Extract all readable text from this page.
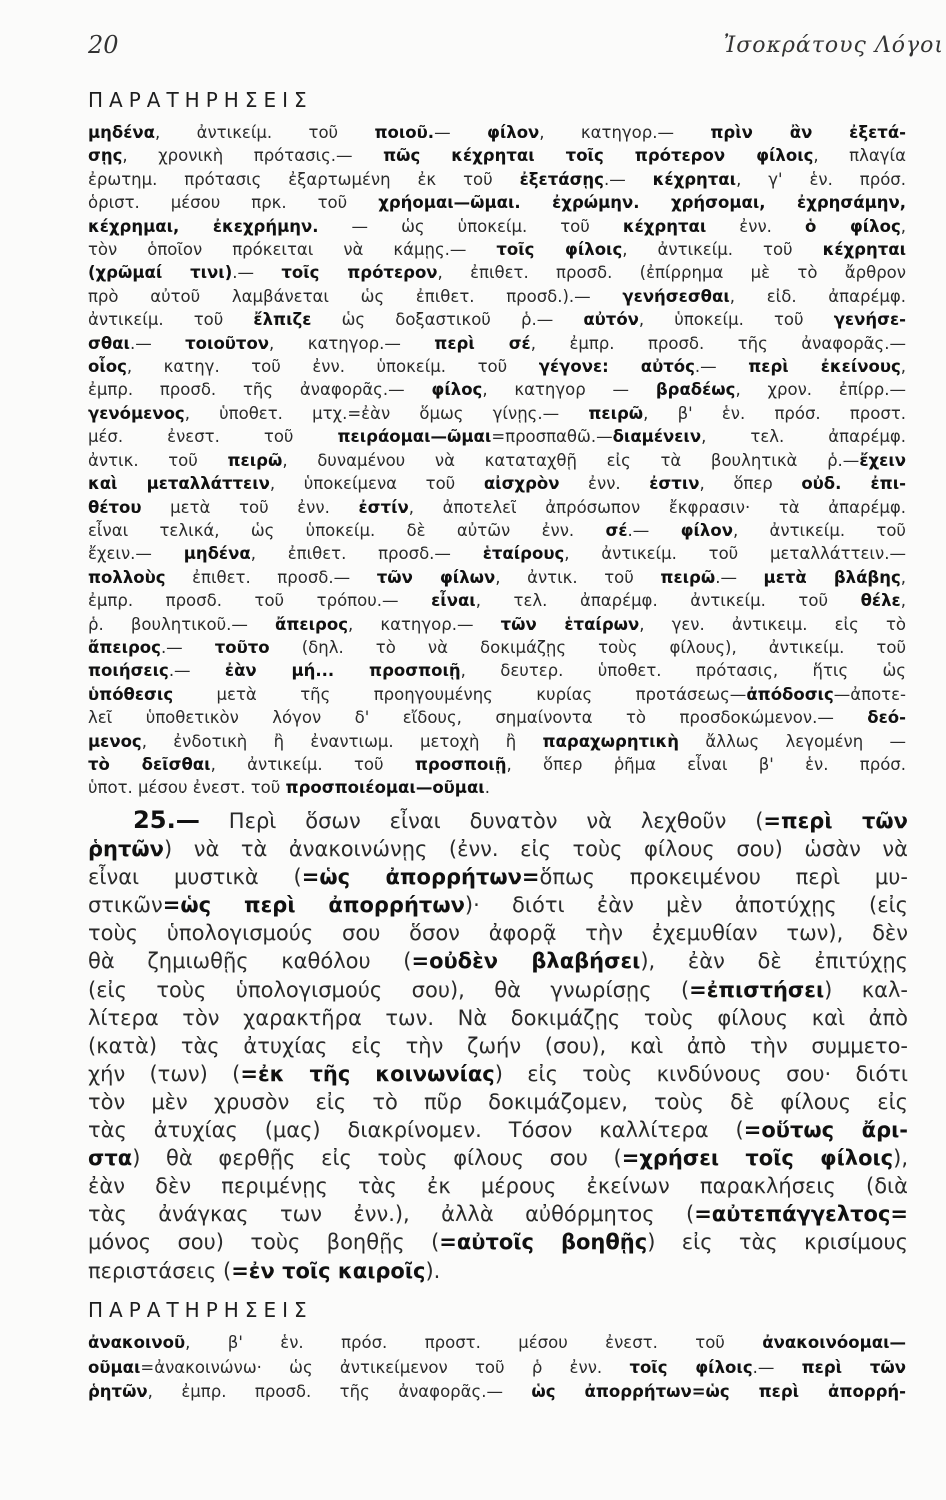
20	Ἰσοκράτους Λόγοι
ΠΑΡΑΤΗΡΗΣΕΙΣ
μηδένα, ἀντικείμ. τοῦ ποιοῦ.— φίλον, κατηγορ.— πρὶν ἂν ἐξετά-
σῃς, χρονικὴ πρότασις.— πῶς κέχρηται τοῖς πρότερον φίλοις, πλαγία
ἐρωτημ. πρότασις ἐξαρτωμένη ἐκ τοῦ ἐξετάσῃς.— κέχρηται, γ' ἑν. πρόσ.
ὁριστ. μέσου πρκ. τοῦ χρήομαι—ῶμαι. ἐχρώμην. χρήσομαι, ἐχρησάμην,
κέχρημαι, ἐκεχρήμην. — ὡς ὑποκείμ. τοῦ κέχρηται ἐνν. ὁ φίλος,
τὸν ὁποῖον πρόκειται νὰ κάμῃς.— τοῖς φίλοις, ἀντικείμ. τοῦ κέχρηται
(χρῶμαί τινι).— τοῖς πρότερον, ἐπιθετ. προσδ. (ἐπίρρημα μὲ τὸ ἄρθρον
πρὸ αὐτοῦ λαμβάνεται ὡς ἐπιθετ. προσδ.).— γενήσεσθαι, εἰδ. ἀπαρέμφ.
ἀντικείμ. τοῦ ἔλπιζε ὡς δοξαστικοῦ ῥ.— αὐτόν, ὑποκείμ. τοῦ γενήσε-
σθαι.— τοιοῦτον, κατηγορ.— περὶ σέ, ἐμπρ. προσδ. τῆς ἀναφορᾶς.—
οἷος, κατηγ. τοῦ ἐνν. ὑποκείμ. τοῦ γέγονε: αὐτός.— περὶ ἐκείνους,
ἐμπρ. προσδ. τῆς ἀναφορᾶς.— φίλος, κατηγορ — βραδέως, χρον. ἐπίρρ.—
γενόμενος, ὑποθετ. μτχ.=ἐὰν ὅμως γίνῃς.— πειρῶ, β' ἑν. πρόσ. προστ.
μέσ. ἐνεστ. τοῦ πειράομαι—ῶμαι=προσπαθῶ.—διαμένειν, τελ. ἀπαρέμφ.
ἀντικ. τοῦ πειρῶ, δυναμένου νὰ καταταχθῇ εἰς τὰ βουλητικὰ ῥ.—ἔχειν
καὶ μεταλλάττειν, ὑποκείμενα τοῦ αἰσχρὸν ἐνν. ἐστιν, ὅπερ οὐδ. ἐπι-
θέτου μετὰ τοῦ ἐνν. ἐστίν, ἀποτελεῖ ἀπρόσωπον ἔκφρασιν· τὰ ἀπαρέμφ.
εἶναι τελικά, ὡς ὑποκείμ. δὲ αὐτῶν ἐνν. σέ.— φίλον, ἀντικείμ. τοῦ
ἔχειν.— μηδένα, ἐπιθετ. προσδ.— ἑταίρους, ἀντικείμ. τοῦ μεταλλάττειν.—
πολλοὺς ἐπιθετ. προσδ.— τῶν φίλων, ἀντικ. τοῦ πειρῶ.— μετὰ βλάβης,
ἐμπρ. προσδ. τοῦ τρόπου.— εἶναι, τελ. ἀπαρέμφ. ἀντικείμ. τοῦ θέλε,
ῥ. βουλητικοῦ.— ἄπειρος, κατηγορ.— τῶν ἑταίρων, γεν. ἀντικειμ. εἰς τὸ
ἄπειρος.— τοῦτο (δηλ. τὸ νὰ δοκιμάζῃς τοὺς φίλους), ἀντικείμ. τοῦ
ποιήσεις.— ἐὰν μή... προσποιῇ, δευτερ. ὑποθετ. πρότασις, ἥτις ὡς
ὑπόθεσις μετὰ τῆς προηγουμένης κυρίας προτάσεως—ἀπόδοσις—ἀποτε-
λεῖ ὑποθετικὸν λόγον δ' εἴδους, σημαίνοντα τὸ προσδοκώμενον.— δεό-
μενος, ἐνδοτικὴ ἢ ἐναντιωμ. μετοχὴ ἢ παραχωρητικὴ ἄλλως λεγομένη —
τὸ δεῖσθαι, ἀντικείμ. τοῦ προσποιῇ, ὅπερ ῥῆμα εἶναι β' ἑν. πρόσ.
ὑποτ. μέσου ἐνεστ. τοῦ προσποιέομαι—οῦμαι.
25.— Περὶ ὅσων εἶναι δυνατὸν νὰ λεχθοῦν (=περὶ τῶν
ῥητῶν) νὰ τὰ ἀνακοινώνῃς (ἐνν. εἰς τοὺς φίλους σου) ὡσὰν νὰ
εἶναι μυστικὰ (=ὡς ἀπορρήτων=ὅπως προκειμένου περὶ μυ-
στικῶν=ὡς περὶ ἀπορρήτων)· διότι ἐὰν μὲν ἀποτύχῃς (εἰς
τοὺς ὑπολογισμούς σου ὅσον ἀφορᾷ τὴν ἐχεμυθίαν των), δὲν
θὰ ζημιωθῇς καθόλου (=οὐδὲν βλαβήσει), ἐὰν δὲ ἐπιτύχῃς
(εἰς τοὺς ὑπολογισμούς σου), θὰ γνωρίσῃς (=ἐπιστήσει) καλ-
λίτερα τὸν χαρακτῆρα των. Νὰ δοκιμάζῃς τοὺς φίλους καὶ ἀπὸ
(κατὰ) τὰς ἀτυχίας εἰς τὴν ζωήν (σου), καὶ ἀπὸ τὴν συμμετο-
χήν (των) (=ἐκ τῆς κοινωνίας) εἰς τοὺς κινδύνους σου· διότι
τὸν μὲν χρυσὸν εἰς τὸ πῦρ δοκιμάζομεν, τοὺς δὲ φίλους εἰς
τὰς ἀτυχίας (μας) διακρίνομεν. Τόσον καλλίτερα (=οὕτως ἄρι-
στα) θὰ φερθῇς εἰς τοὺς φίλους σου (=χρήσει τοῖς φίλοις),
ἐὰν δὲν περιμένῃς τὰς ἐκ μέρους ἐκείνων παρακλήσεις (διὰ
τὰς ἀνάγκας των ἐνν.), ἀλλὰ αὐθόρμητος (=αὐτεπάγγελτος=
μόνος σου) τοὺς βοηθῇς (=αὐτοῖς βοηθῇς) εἰς τὰς κρισίμους
περιστάσεις (=ἐν τοῖς καιροῖς).
ΠΑΡΑΤΗΡΗΣΕΙΣ
ἀνακοινοῦ, β' ἑν. πρόσ. προστ. μέσου ἐνεστ. τοῦ ἀνακοινόομαι—
οῦμαι=ἀνακοινώνω· ὡς ἀντικείμενον τοῦ ῥ ἐνν. τοῖς φίλοις.— περὶ τῶν
ῥητῶν, ἐμπρ. προσδ. τῆς ἀναφορᾶς.— ὡς ἀπορρήτων=ὡς περὶ ἀπορρή-
